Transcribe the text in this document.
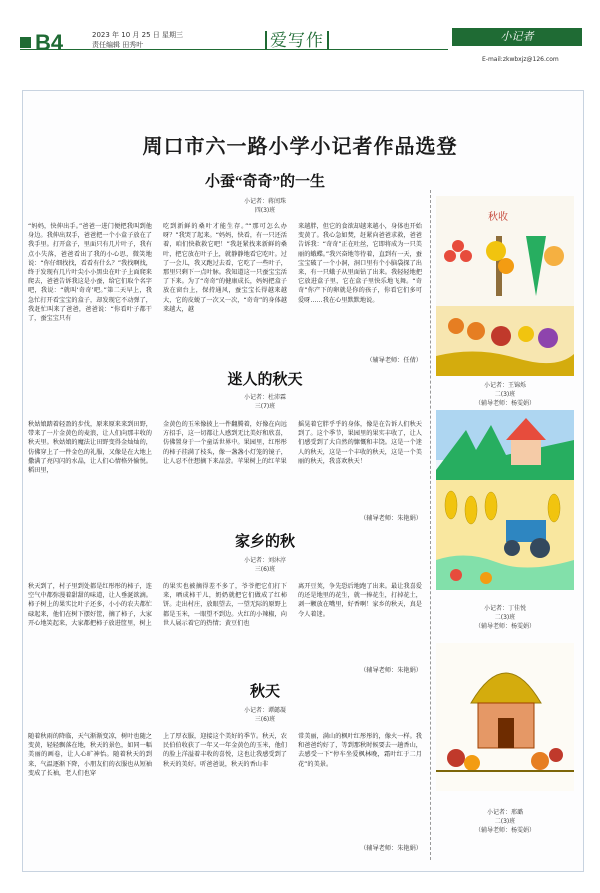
B4	2023 年 10 月 25 日 星期三
责任编辑 田秀叶	爱写作	小记者
E-mail:zkwbxjz@126.com
周口市六一路小学小记者作品选登
小蚕“奇奇”的一生
小记者：蒋闰珠
四(3)班
“妈妈，快伸出手。”爸爸一进门便把我叫到他身边。我伸出双手，爸爸把一个小盒子放在了我手里。打开盒子，里面只有几片叶子，我有点小失落，爸爸看出了我的小心思，微笑地说：“你仔细找找，看看有什么？”我找啊找，终于发现有几片叶尖小小黑虫在叶子上面爬来爬去，爸爸告诉我这是小蚕，给它们取个名字吧，我说：“就叫‘奇奇’吧。”第二天早上，我急忙打开看宝宝的盒子，却发现它不动弹了，我赶忙叫来了爸爸，爸爸说：“你看叶子都干了，蚕宝宝只有
吃到新鲜的桑叶才能生存。”“那可怎么办呀？”我哭了起来。“妈妈，快看，有一只还活着，咱们快救救它吧！”我赶紧找来新鲜的桑叶，把它放在叶子上，就静静地看它吃叶。过了一会儿，我又跑过去看，它吃了一些叶子，那里只剩下一点叶脉。我知道这一只蚕宝宝活了下来。为了“奇奇”的健康成长，妈妈把盒子放在窗台上，保持通风，蚕宝宝长得越来越大，它的皮蜕了一次又一次，“奇奇”的身体越来越大，越
来越胖，但它的食欲却越来越小，身体也开始变黄了。我心急如焚，赶紧向爸爸求救，爸爸告诉我：“奇奇”正在吐丝，它即将成为一只美丽的蛾蝶。”我兴奋地等待着，直到有一天，蚕宝宝破了一个小洞，洞口里有个小脑袋探了出来，有一只蛾子从里面钻了出来。我轻轻地把它放进盒子里，它在盒子里快乐地飞舞。“奇奇”你产下的卵就是你的孩子，你看它们多可爱呀……我在心里默默地说。
（辅导老师：任倩）
迷人的秋天
小记者：杜沛霖
三(7)班
秋姑娘踏着轻盈的步伐，原来原来来到田野，带来了一片金黄色的麦浪，让人们向那丰收的秋天里。秋姑娘的魔法让田野变得金灿灿的，仿佛穿上了一件金色的礼服，又像是在大地上撒满了亮闪闪的水晶，让人们心情格外愉悦。稻田里，
金黄色的玉米像披上一件翻腾着，好像在向远方招手，这一切都让人感到无比美好和欣喜，仿佛置身于一个童话世界中。果园里，红彤彤的柿子挂满了枝头，像一盏盏小灯笼的镜子，让人忍不住想摘下来品尝。苹果树上的红苹果
摇晃着它胖乎乎的身体，像是在告诉人们秋天到了。这个季节，果园里的果实丰收了，让人们感受到了大自然的慷慨和丰饶。这是一个迷人的秋天，这是一个丰收的秋天，这是一个美丽的秋天，我喜欢秋天！
（辅导老师：朱艳娟）
家乡的秋
小记者：刘沐淳
三(6)班
秋天到了，村子里到处都是红彤彤的柿子，连空气中都弥漫着甜甜的味道，让人垂涎欲滴。柿子树上的果实比叶子还多，小小的农夫都忙碌起来，他们在树下摆好筐，摘了柿子，大家开心地笑起来，大家都把柿子放进筐里，树上
的果实也被摘得差不多了，爷爷把它们打下来，晒成柿干儿，奶奶就把它们做成了红柿饼。走出村庄，放眼望去，一望无际的原野上都是玉米，一眼望不到边。火红的小辣椒，向世人展示着它的热情；黄豆们也
离开豆荚，争先恐后地跑了出来。最让我喜爱的还是地里的花生，就一捧花生，打掉花土，剥一颗放在嘴里，好香啊！家乡的秋天，真是令人着迷。
（辅导老师：朱艳娟）
秋天
小记者：谭懿凝
三(6)班
随着秋雨的降临，天气渐渐变凉，树叶也随之变黄，轻轻飘落在地，秋天的景色，如同一幅美丽的画卷，让人心旷神怡。随着秋天的到来，气温逐渐下降，小朋友们的衣服也从短袖变成了长袖，老人们也穿
上了厚衣服，迎接这个美好的季节。秋天，农民伯伯收获了一年又一年金黄色的玉米，他们的脸上洋溢着丰收的喜悦，这也让我感受到了秋天的美好。听爸爸说，秋天的香山非
常美丽，满山的枫叶红彤彤的，像火一样。我和爸爸约好了，等到那秋时候要去一趟香山，去感受一下“停车坐爱枫林晚，霜叶红于二月花”的美景。
（辅导老师：朱艳娟）
秋收
小记者：王锦烁
二(3)班
（辅导老师：杨雯娟）
小记者：丁佳悦
二(3)班
（辅导老师：杨雯娟）
小记者：邢璐
二(3)班
（辅导老师：杨雯娟）
